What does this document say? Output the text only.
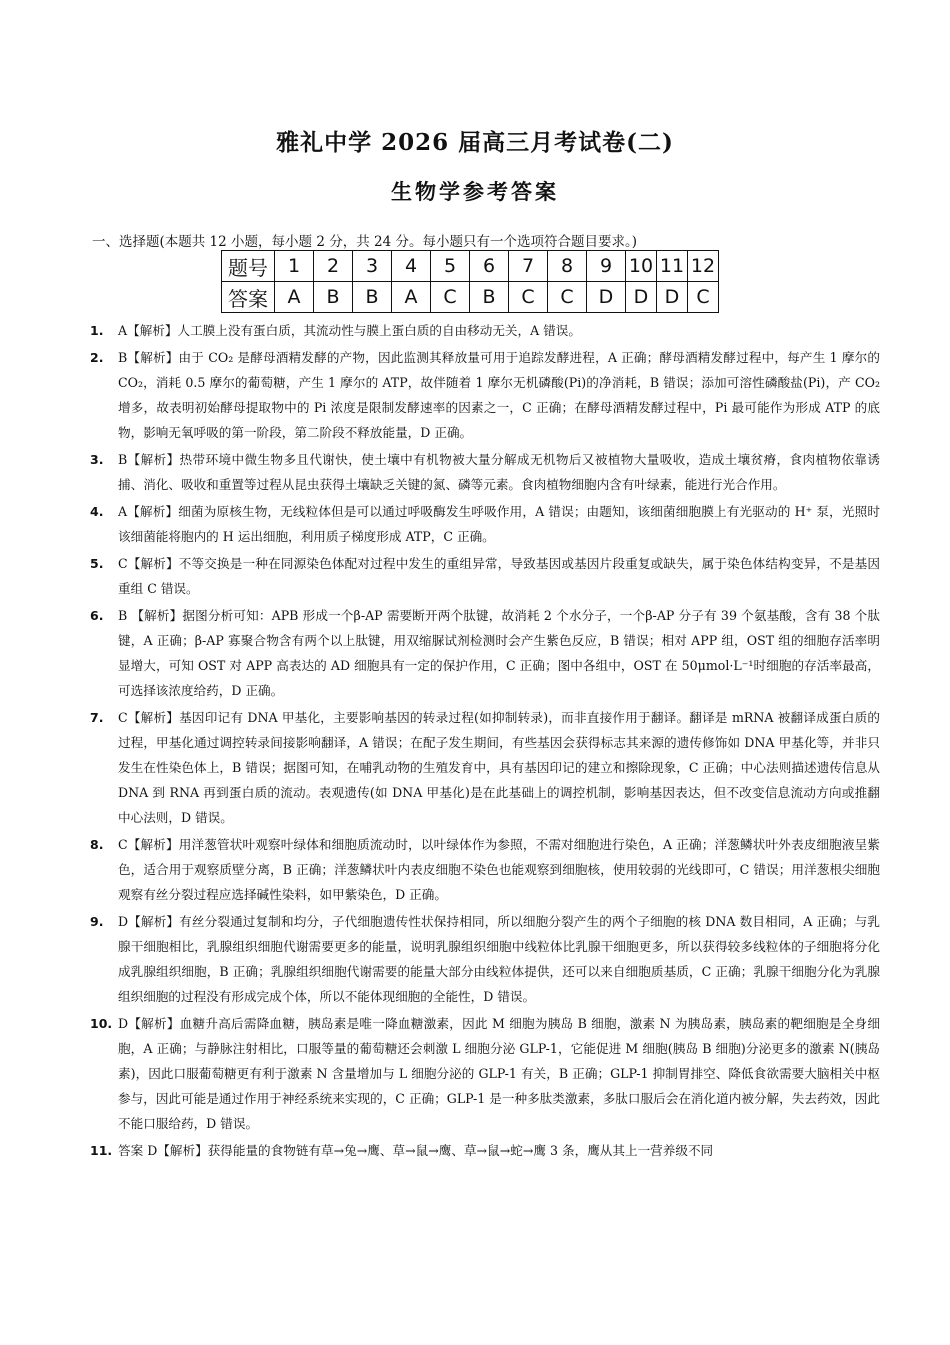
雅礼中学 2026 届高三月考试卷(二)
生物学参考答案
一、选择题(本题共 12 小题，每小题 2 分，共 24 分。每小题只有一个选项符合题目要求。)
题号	1	2	3	4	5	6	7	8	9	10	11	12
答案	A	B	B	A	C	B	C	C	D	D	D	C
1.	A【解析】人工膜上没有蛋白质，其流动性与膜上蛋白质的自由移动无关，A 错误。
2.	B【解析】由于 CO₂ 是酵母酒精发酵的产物，因此监测其释放量可用于追踪发酵进程，A 正确；酵母酒精发酵过程中，每产生 1 摩尔的 CO₂，消耗 0.5 摩尔的葡萄糖，产生 1 摩尔的 ATP，故伴随着 1 摩尔无机磷酸(Pi)的净消耗，B 错误；添加可溶性磷酸盐(Pi)，产 CO₂ 增多，故表明初始酵母提取物中的 Pi 浓度是限制发酵速率的因素之一，C 正确；在酵母酒精发酵过程中，Pi 最可能作为形成 ATP 的底物，影响无氧呼吸的第一阶段，第二阶段不释放能量，D 正确。
3.	B【解析】热带环境中微生物多且代谢快，使土壤中有机物被大量分解成无机物后又被植物大量吸收，造成土壤贫瘠，食肉植物依靠诱捕、消化、吸收和重置等过程从昆虫获得土壤缺乏关键的氮、磷等元素。食肉植物细胞内含有叶绿素，能进行光合作用。
4.	A【解析】细菌为原核生物，无线粒体但是可以通过呼吸酶发生呼吸作用，A 错误；由题知，该细菌细胞膜上有光驱动的 H⁺ 泵，光照时该细菌能将胞内的 H 运出细胞，利用质子梯度形成 ATP，C 正确。
5.	C【解析】不等交换是一种在同源染色体配对过程中发生的重组异常，导致基因或基因片段重复或缺失，属于染色体结构变异，不是基因重组 C 错误。
6.	B 【解析】据图分析可知：APB 形成一个β-AP 需要断开两个肽键，故消耗 2 个水分子，一个β-AP 分子有 39 个氨基酸，含有 38 个肽键，A 正确；β-AP 寡聚合物含有两个以上肽键，用双缩脲试剂检测时会产生紫色反应，B 错误；相对 APP 组，OST 组的细胞存活率明显增大，可知 OST 对 APP 高表达的 AD 细胞具有一定的保护作用，C 正确；图中各组中，OST 在 50μmol·L⁻¹时细胞的存活率最高，可选择该浓度给药，D 正确。
7.	C【解析】基因印记有 DNA 甲基化，主要影响基因的转录过程(如抑制转录)，而非直接作用于翻译。翻译是 mRNA 被翻译成蛋白质的过程，甲基化通过调控转录间接影响翻译，A 错误；在配子发生期间，有些基因会获得标志其来源的遗传修饰如 DNA 甲基化等，并非只发生在性染色体上，B 错误；据图可知，在哺乳动物的生殖发育中，具有基因印记的建立和擦除现象，C 正确；中心法则描述遗传信息从 DNA 到 RNA 再到蛋白质的流动。表观遗传(如 DNA 甲基化)是在此基础上的调控机制，影响基因表达，但不改变信息流动方向或推翻中心法则，D 错误。
8.	C【解析】用洋葱管状叶观察叶绿体和细胞质流动时，以叶绿体作为参照，不需对细胞进行染色，A 正确；洋葱鳞状叶外表皮细胞液呈紫色，适合用于观察质壁分离，B 正确；洋葱鳞状叶内表皮细胞不染色也能观察到细胞核，使用较弱的光线即可，C 错误；用洋葱根尖细胞观察有丝分裂过程应选择碱性染料，如甲紫染色，D 正确。
9.	D【解析】有丝分裂通过复制和均分，子代细胞遗传性状保持相同，所以细胞分裂产生的两个子细胞的核 DNA 数目相同，A 正确；与乳腺干细胞相比，乳腺组织细胞代谢需要更多的能量，说明乳腺组织细胞中线粒体比乳腺干细胞更多，所以获得较多线粒体的子细胞将分化成乳腺组织细胞，B 正确；乳腺组织细胞代谢需要的能量大部分由线粒体提供，还可以来自细胞质基质，C 正确；乳腺干细胞分化为乳腺组织细胞的过程没有形成完成个体，所以不能体现细胞的全能性，D 错误。
10. D【解析】血糖升高后需降血糖，胰岛素是唯一降血糖激素，因此 M 细胞为胰岛 B 细胞，激素 N 为胰岛素，胰岛素的靶细胞是全身细胞，A 正确；与静脉注射相比，口服等量的葡萄糖还会刺激 L 细胞分泌 GLP-1，它能促进 M 细胞(胰岛 B 细胞)分泌更多的激素 N(胰岛素)，因此口服葡萄糖更有利于激素 N 含量增加与 L 细胞分泌的 GLP-1 有关，B 正确；GLP-1 抑制胃排空、降低食欲需要大脑相关中枢参与，因此可能是通过作用于神经系统来实现的，C 正确；GLP-1 是一种多肽类激素，多肽口服后会在消化道内被分解，失去药效，因此不能口服给药，D 错误。
11. 答案 D【解析】获得能量的食物链有草→兔→鹰、草→鼠→鹰、草→鼠→蛇→鹰 3 条，鹰从其上一营养级不同
